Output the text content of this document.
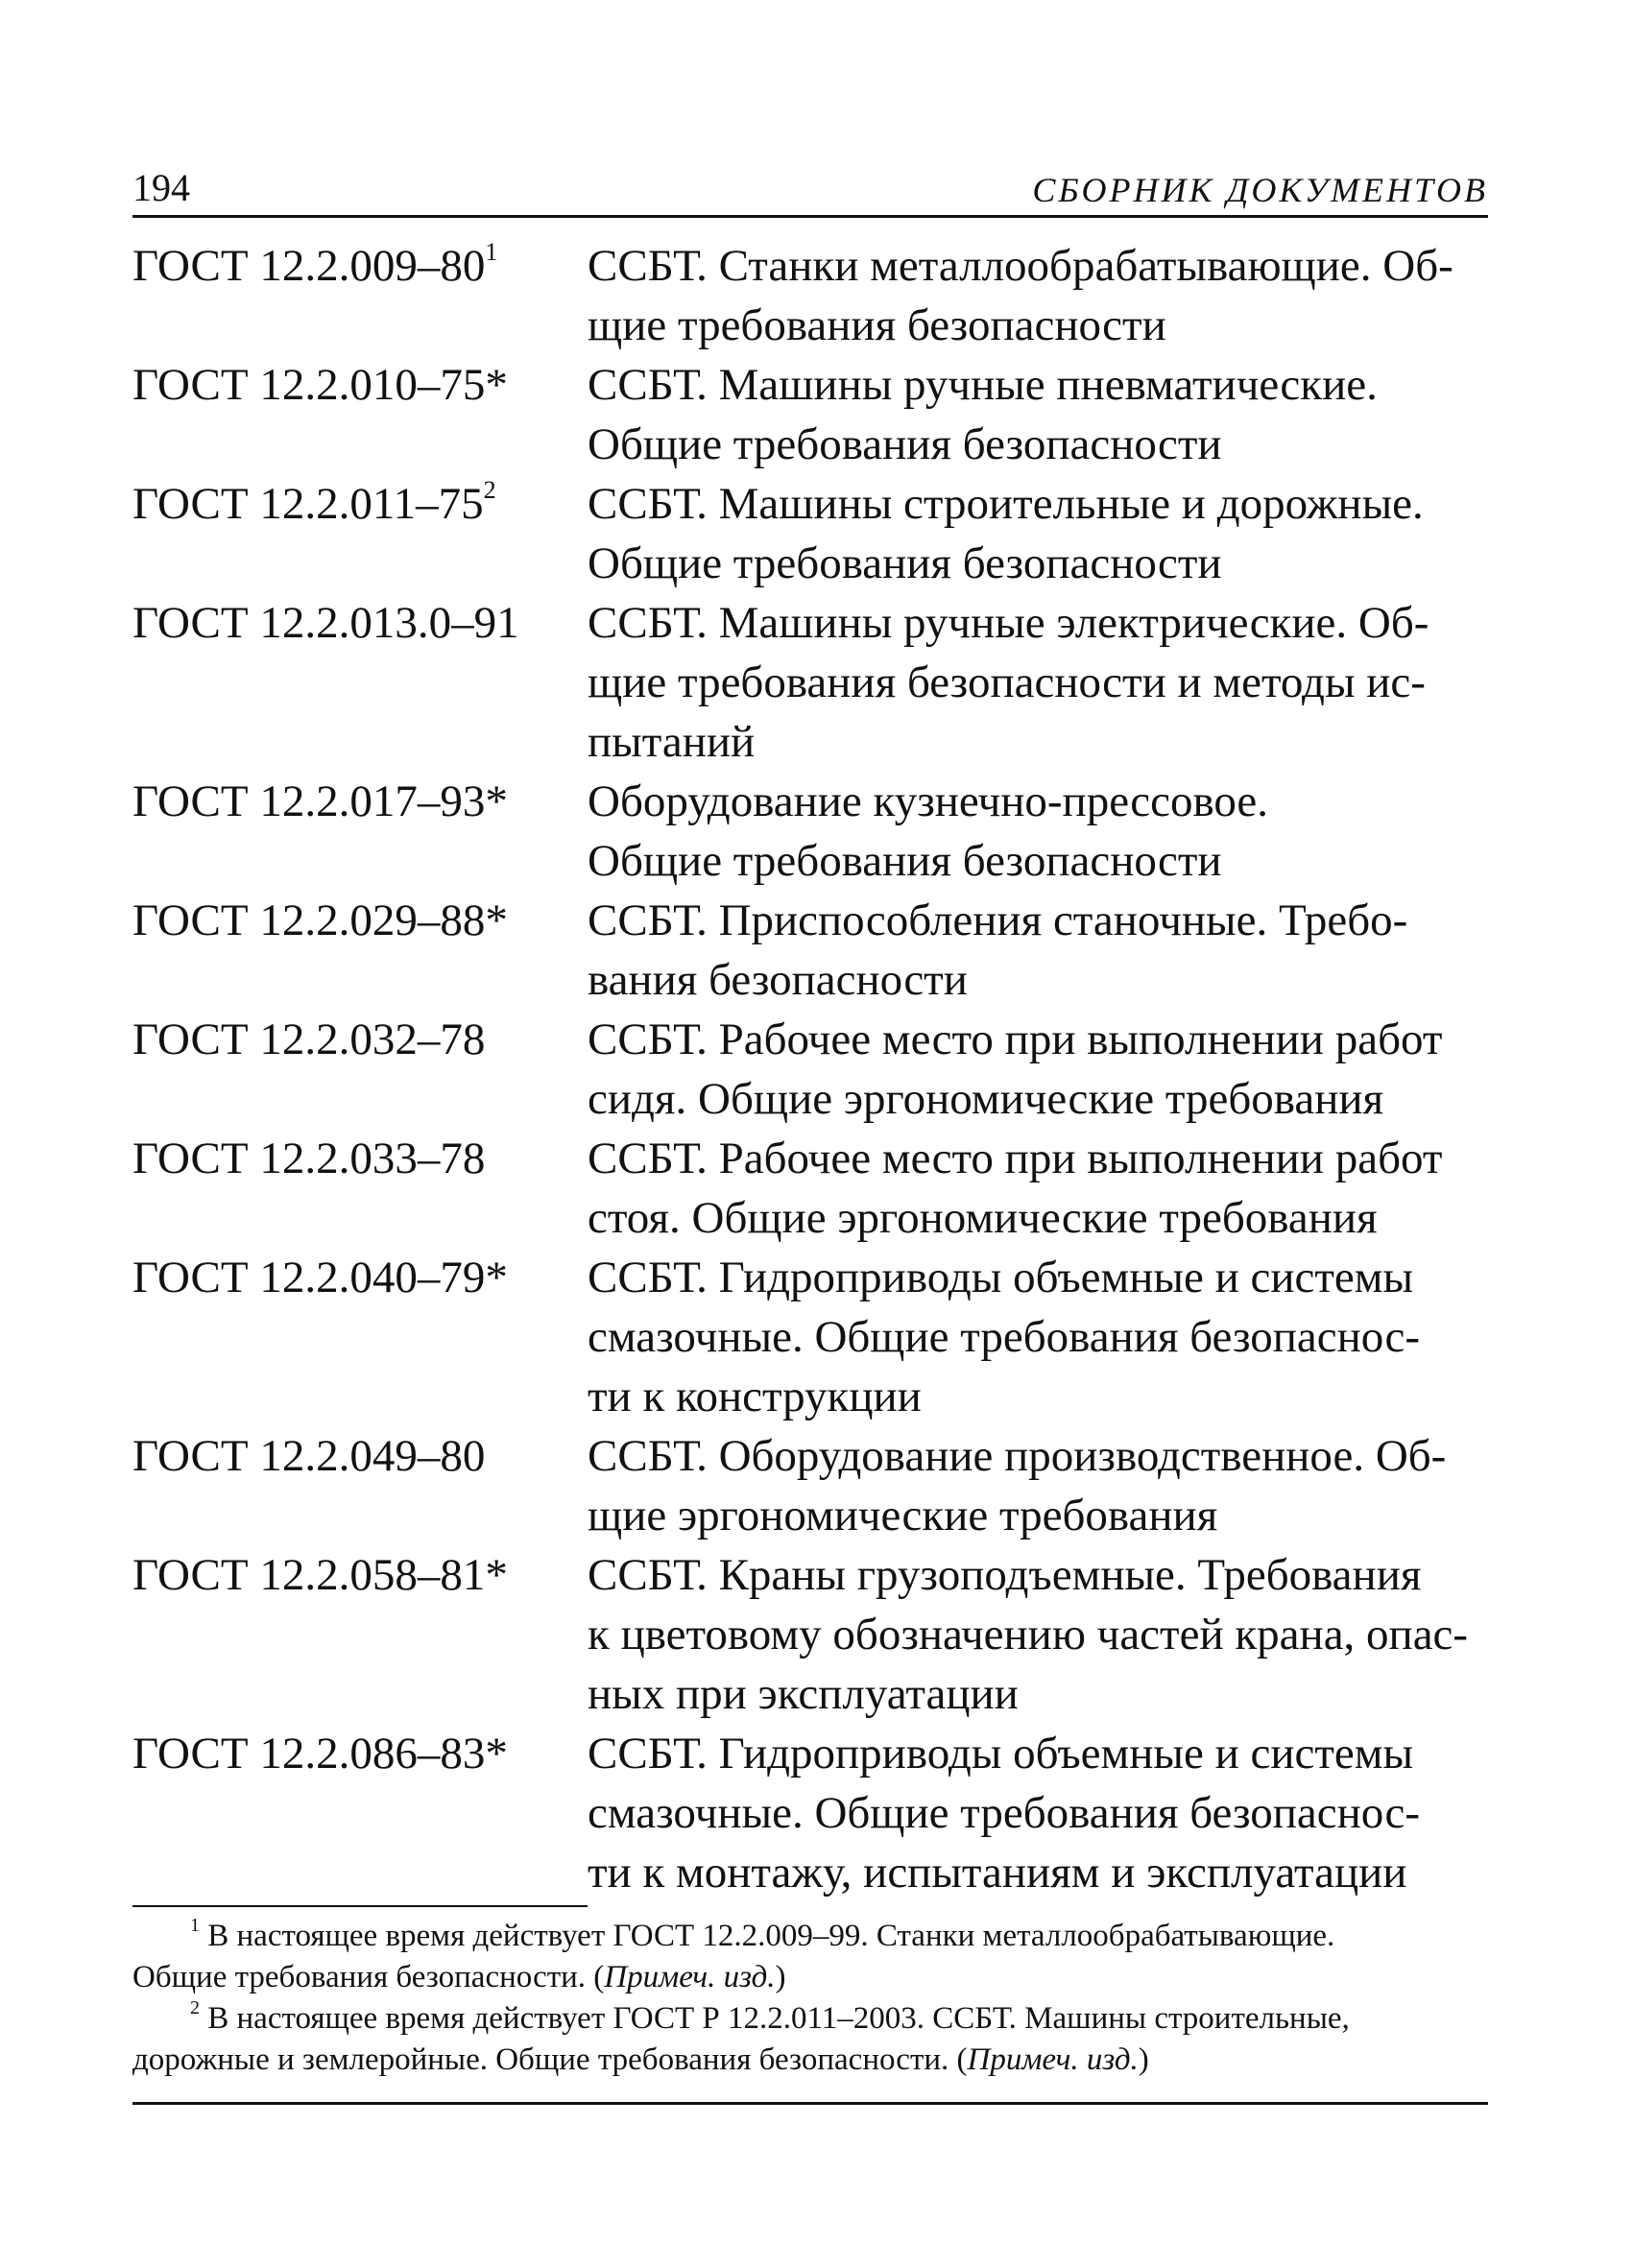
194	СБОРНИК ДОКУМЕНТОВ
ГОСТ $12.2.009-80^1$	ССБТ. Станки металлообрабатывающие. Об-
щие требования безопасности
ГОСТ 12.2.010–75*	ССБТ. Машины ручные пневматические.
Общие требования безопасности
ГОСТ $12.2.011-75^2$	ССБТ. Машины строительные и дорожные.
Общие требования безопасности
ГОСТ 12.2.013.0–91	ССБТ. Машины ручные электрические. Об-
щие требования безопасности и методы ис-
пытаний
ГОСТ 12.2.017–93*	Оборудование кузнечно-прессовое.
Общие требования безопасности
ГОСТ 12.2.029–88*	ССБТ. Приспособления станочные. Требо-
вания безопасности
ГОСТ 12.2.032–78	ССБТ. Рабочее место при выполнении работ
сидя. Общие эргономические требования
ГОСТ 12.2.033–78	ССБТ. Рабочее место при выполнении работ
стоя. Общие эргономические требования
ГОСТ 12.2.040–79*	ССБТ. Гидроприводы объемные и системы
смазочные. Общие требования безопаснос-
ти к конструкции
ГОСТ 12.2.049–80	ССБТ. Оборудование производственное. Об-
щие эргономические требования
ГОСТ 12.2.058–81*	ССБТ. Краны грузоподъемные. Требования
к цветовому обозначению частей крана, опас-
ных при эксплуатации
ГОСТ 12.2.086–83*	ССБТ. Гидроприводы объемные и системы
смазочные. Общие требования безопаснос-
ти к монтажу, испытаниям и эксплуатации
$^1$ В настоящее время действует ГОСТ 12.2.009–99. Станки металлообрабатывающие.
Общие требования безопасности. (Примеч. изд.)
$^2$ В настоящее время действует ГОСТ Р 12.2.011–2003. ССБТ. Машины строительные,
дорожные и землеройные. Общие требования безопасности. (Примеч. изд.)
